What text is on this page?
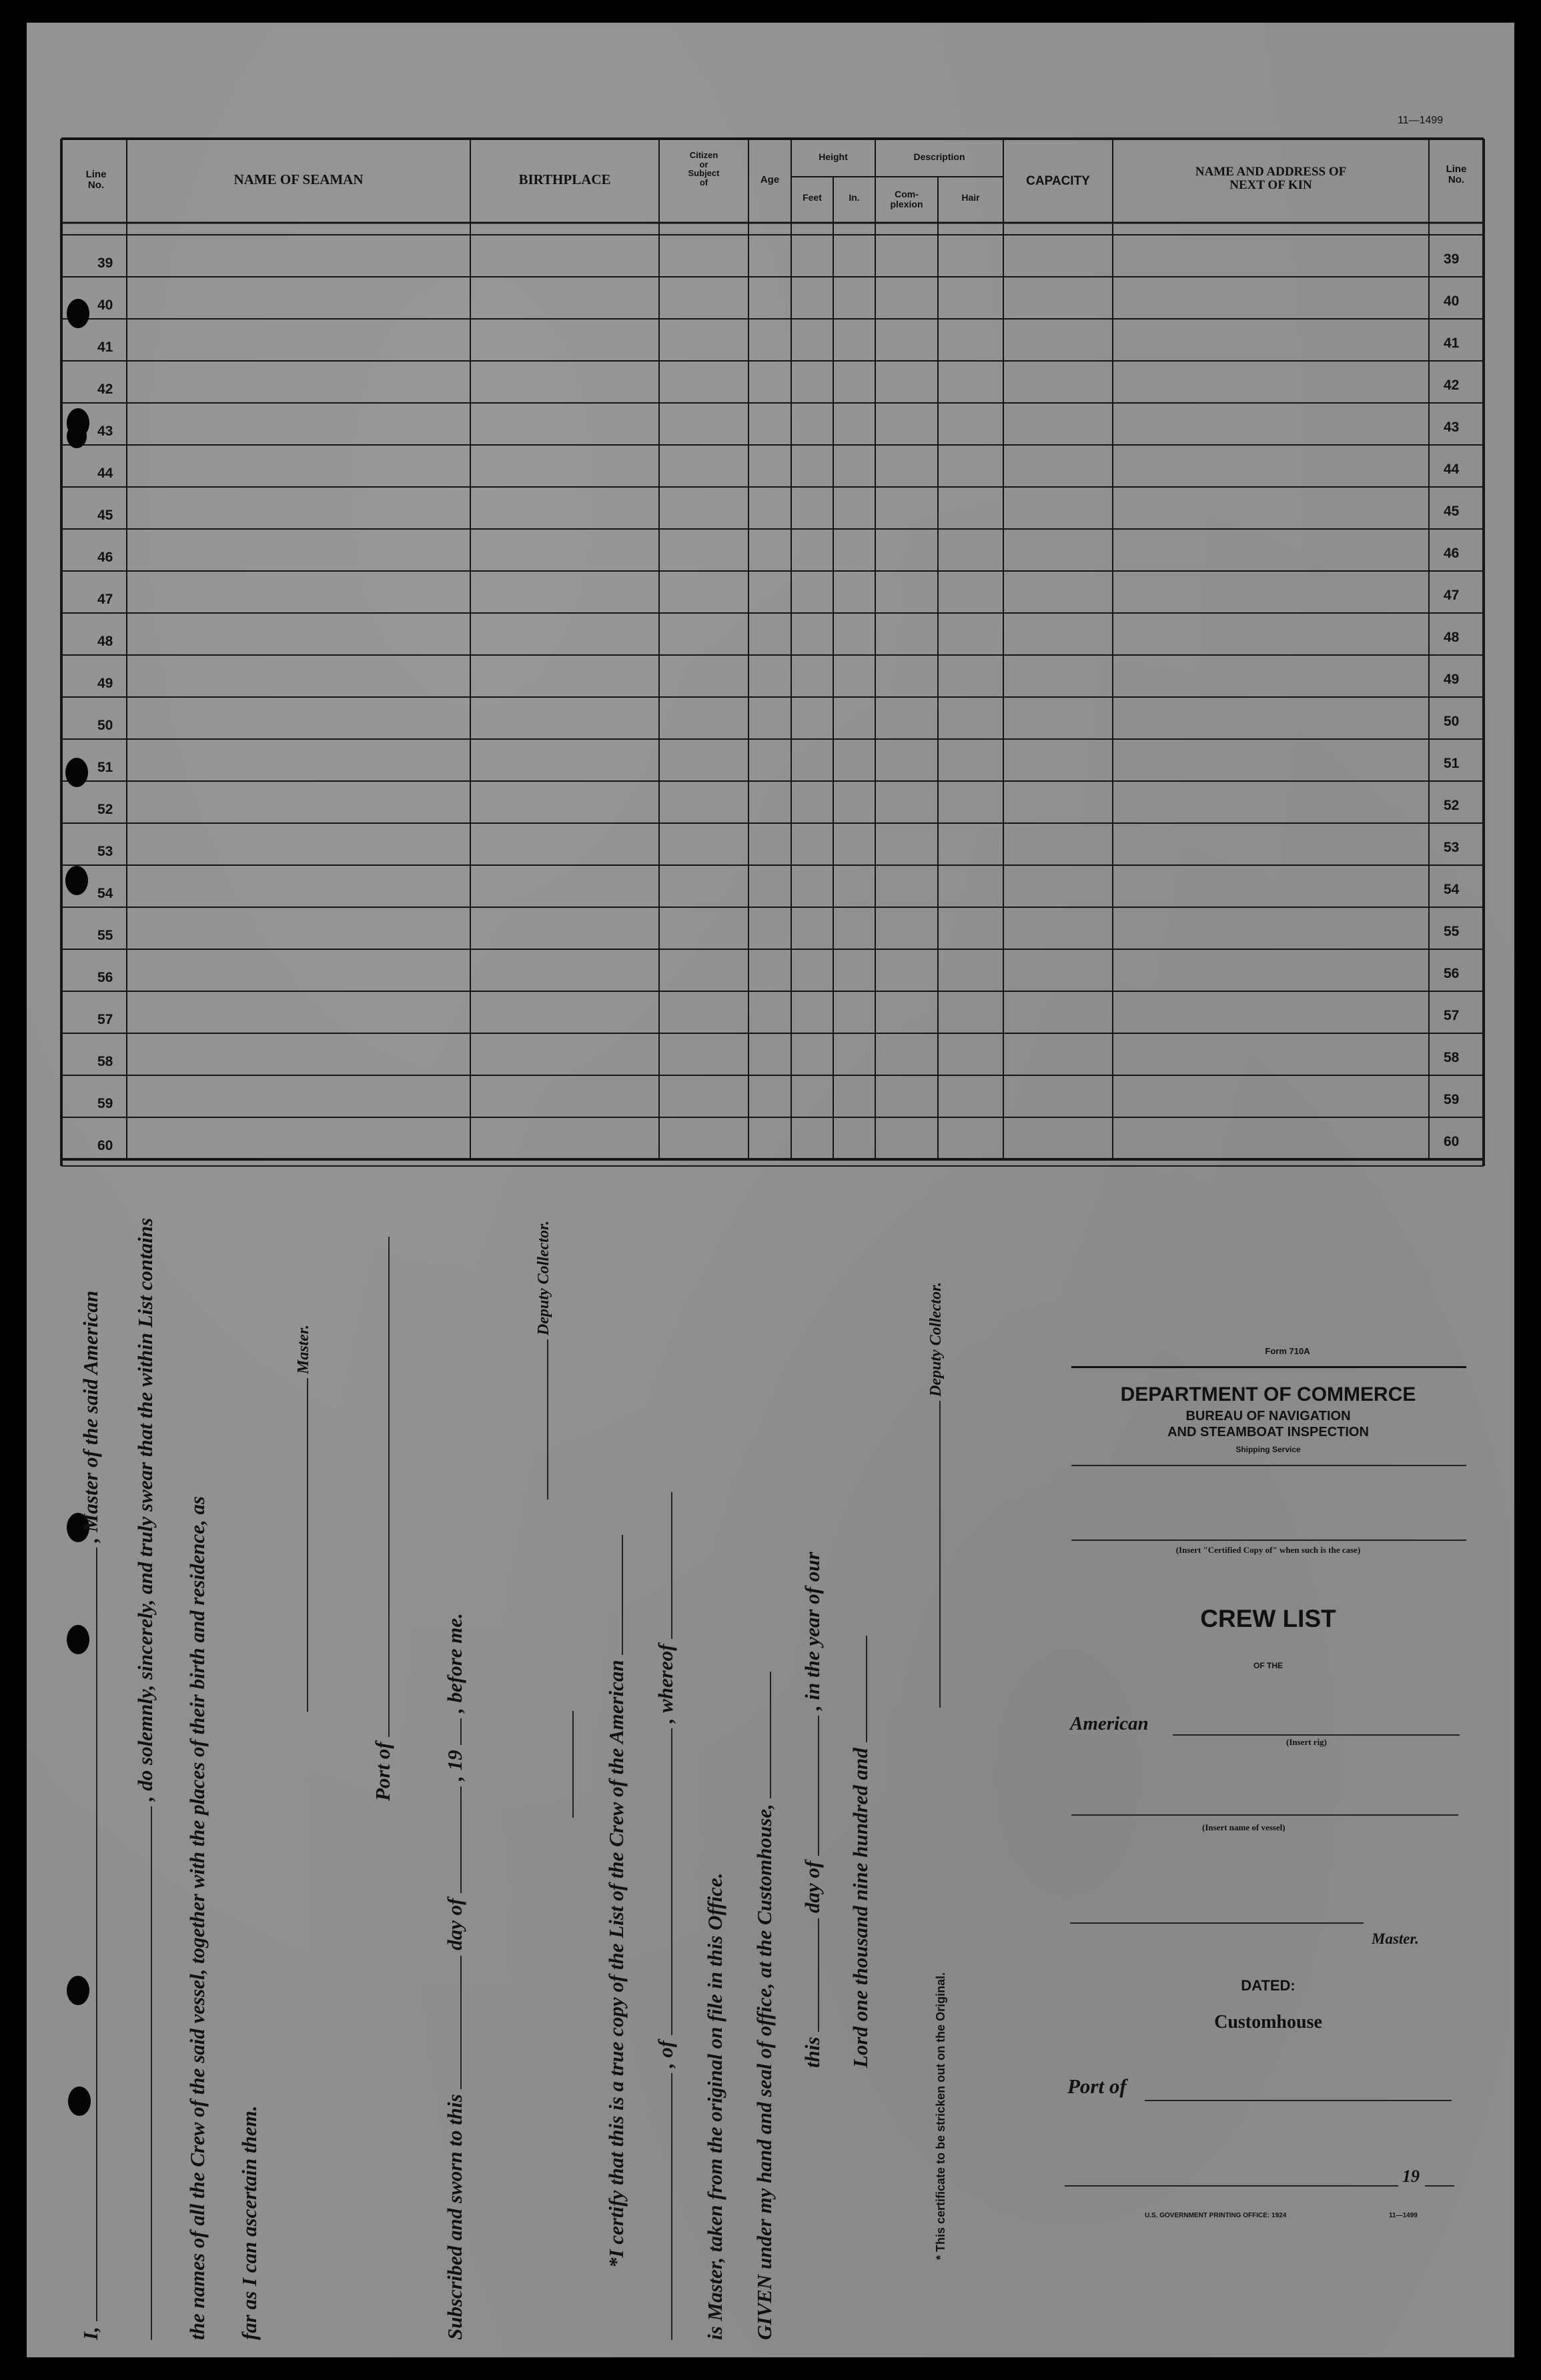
11—1499
Line
No.	NAME OF SEAMAN	BIRTHPLACE
Citizen
or
Subject
of	Age
Height
Feet	In.
Description
Com-
plexion
Hair
CAPACITY
NAME AND ADDRESS OF
NEXT OF KIN
Line
No.
39	39
40	40
41	41
42	42
43	43
44	44
45	45
46	46
47	47
48	48
49	49
50	50
51	51
52	52
53	53
54	54
55	55
56	56
57	57
58	58
59	59
60	60
I,  , Master of the said American , do solemnly, sincerely, and truly swear that the within List contains the names of all the Crew of the said vessel, together with the places of their birth and residence, as far as I can ascertain them.
Master.
Port of
Subscribed and sworn to this  day of  , 19  , before me.
Deputy Collector.
*I certify that this is a true copy of the List of the Crew of the American , of  , whereof
is Master, taken from the original on file in this Office. GIVEN under my hand and seal of office, at the Customhouse, this  day of  , in the year of our
Lord one thousand nine hundred and
Deputy Collector.
* This certificate to be stricken out on the Original.
Form 710A
DEPARTMENT OF COMMERCE
BUREAU OF NAVIGATION
AND STEAMBOAT INSPECTION
Shipping Service
(Insert "Certified Copy of" when such is the case)
CREW LIST
OF THE
American
(Insert rig)
(Insert name of vessel)
Master.
DATED:
Customhouse
Port of
19
U.S. GOVERNMENT PRINTING OFFICE: 1924	11—1499
